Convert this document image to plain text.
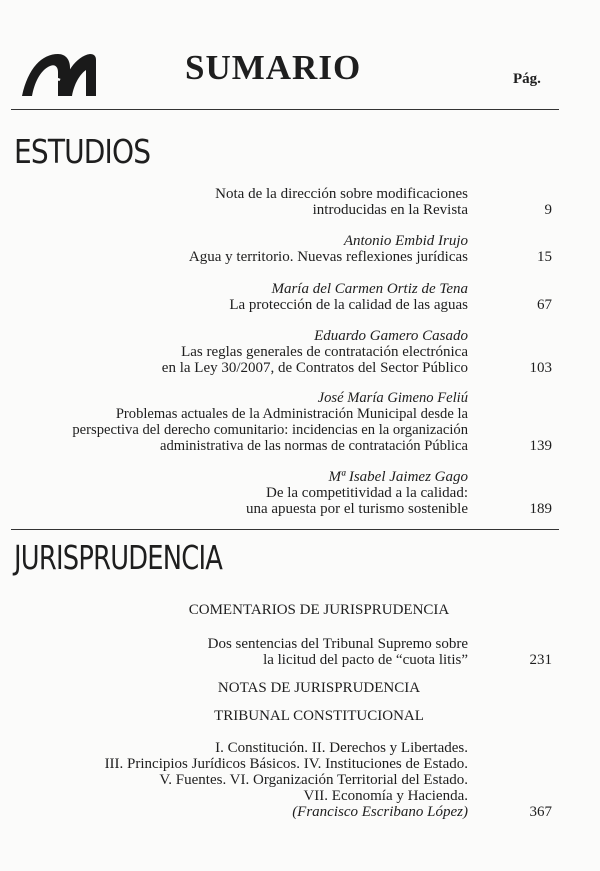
SUMARIO	Pág.
ESTUDIOS
Nota de la dirección sobre modificaciones
introducidas en la Revista	9
Antonio Embid Irujo
Agua y territorio. Nuevas reflexiones jurídicas	15
María del Carmen Ortiz de Tena
La protección de la calidad de las aguas	67
Eduardo Gamero Casado
Las reglas generales de contratación electrónica
en la Ley 30/2007, de Contratos del Sector Público	103
José María Gimeno Feliú
Problemas actuales de la Administración Municipal desde la
perspectiva del derecho comunitario: incidencias en la organización
administrativa de las normas de contratación Pública	139
Mª Isabel Jaimez Gago
De la competitividad a la calidad:
una apuesta por el turismo sostenible	189
JURISPRUDENCIA
COMENTARIOS DE JURISPRUDENCIA
Dos sentencias del Tribunal Supremo sobre
la licitud del pacto de “cuota litis”	231
NOTAS DE JURISPRUDENCIA
TRIBUNAL CONSTITUCIONAL
I. Constitución. II. Derechos y Libertades.
III. Principios Jurídicos Básicos. IV. Instituciones de Estado.
V. Fuentes. VI. Organización Territorial del Estado.
VII. Economía y Hacienda.
(Francisco Escribano López)	367
